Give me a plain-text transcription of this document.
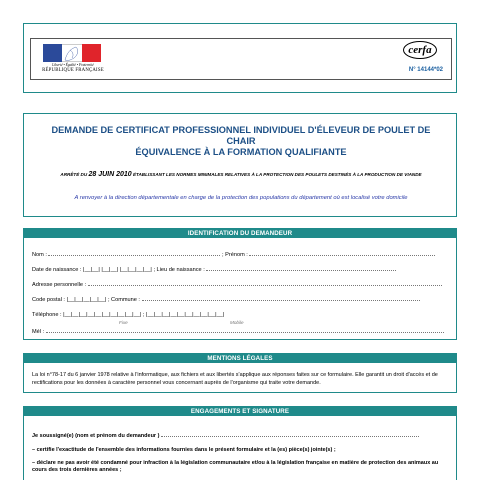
Liberté • Égalité • Fraternité
RÉPUBLIQUE FRANÇAISE
cerfa
N° 14144*02
DEMANDE DE CERTIFICAT PROFESSIONNEL INDIVIDUEL D'ÉLEVEUR DE POULET DE
CHAIR
ÉQUIVALENCE À LA FORMATION QUALIFIANTE
ARRÊTÉ DU 28 JUIN 2010 ÉTABLISSANT LES NORMES MINIMALES RELATIVES À LA PROTECTION DES POULETS DESTINÉS À LA PRODUCTION DE VIANDE
A renvoyer à la direction départementale en charge de la protection des populations du département où est localisé votre domicile
IDENTIFICATION DU DEMANDEUR
Nom :	; Prénom :
Date de naissance : |__|__| |__|__| |__|__|__|__| ; Lieu de naissance :
Adresse personnelle :
Code postal : |__|__|__|__|__| ; Commune :
Téléphone : |__|__|__|__|__|__|__|__|__|__| ; |__|__|__|__|__|__|__|__|__|__|
Fixe	Mobile
Mél :
MENTIONS LÉGALES
La loi n°78-17 du 6 janvier 1978 relative à l'informatique, aux fichiers et aux libertés s'applique aux réponses faites sur ce formulaire. Elle garantit un droit d'accès et de rectifications pour les données à caractère personnel vous concernant auprès de l'organisme qui traite votre demande.
ENGAGEMENTS ET SIGNATURE
Je soussigné(e) (nom et prénom du demandeur )
– certifie l'exactitude de l'ensemble des informations fournies dans le présent formulaire et la (es) pièce(s) jointe(s) ;
– déclare ne pas avoir été condamné pour infraction à la législation communautaire et/ou à la législation française en matière de protection des animaux au cours des trois dernières années ;
